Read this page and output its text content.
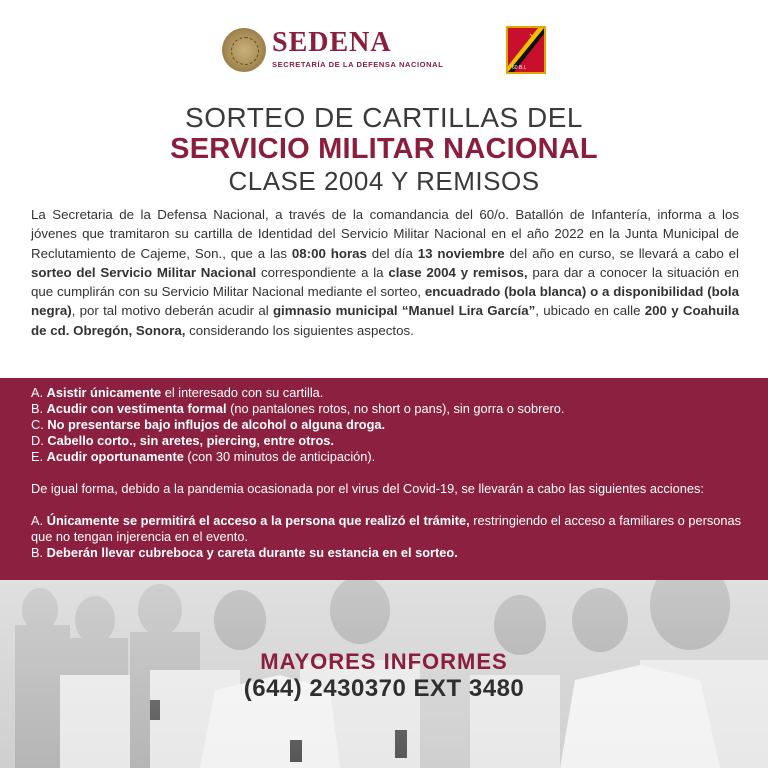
SEDENA
SECRETARÍA DE LA DEFENSA NACIONAL	60 B.I.
SORTEO DE CARTILLAS DEL
SERVICIO MILITAR NACIONAL
CLASE 2004 Y REMISOS

La Secretaria de la Defensa Nacional, a través de la comandancia del 60/o. Batallón de Infantería, informa a los jóvenes que tramitaron su cartilla de Identidad del Servicio Militar Nacional en el año 2022 en la Junta Municipal de Reclutamiento de Cajeme, Son., que a las 08:00 horas del día 13 noviembre del año en curso, se llevará a cabo el sorteo del Servicio Militar Nacional correspondiente a la clase 2004 y remisos, para dar a conocer la situación en que cumplirán con su Servicio Militar Nacional mediante el sorteo, encuadrado (bola blanca) o a disponibilidad (bola negra), por tal motivo deberán acudir al gimnasio municipal “Manuel Lira García”, ubicado en calle 200 y Coahuila de cd. Obregón, Sonora, considerando los siguientes aspectos.

A. Asistir únicamente el interesado con su cartilla.

B. Acudir con vestimenta formal (no pantalones rotos, no short o pans), sin gorra o sobrero.

C. No presentarse bajo influjos de alcohol o alguna droga.

D. Cabello corto., sin aretes, piercing, entre otros.

E. Acudir oportunamente (con 30 minutos de anticipación).

De igual forma, debido a la pandemia ocasionada por el virus del Covid-19, se llevarán a cabo las siguientes acciones:

A. Únicamente se permitirá el acceso a la persona que realizó el trámite, restringiendo el acceso a familiares o personas que no tengan injerencia en el evento.

B. Deberán llevar cubreboca y careta durante su estancia en el sorteo.

MAYORES INFORMES
(644) 2430370 EXT 3480
